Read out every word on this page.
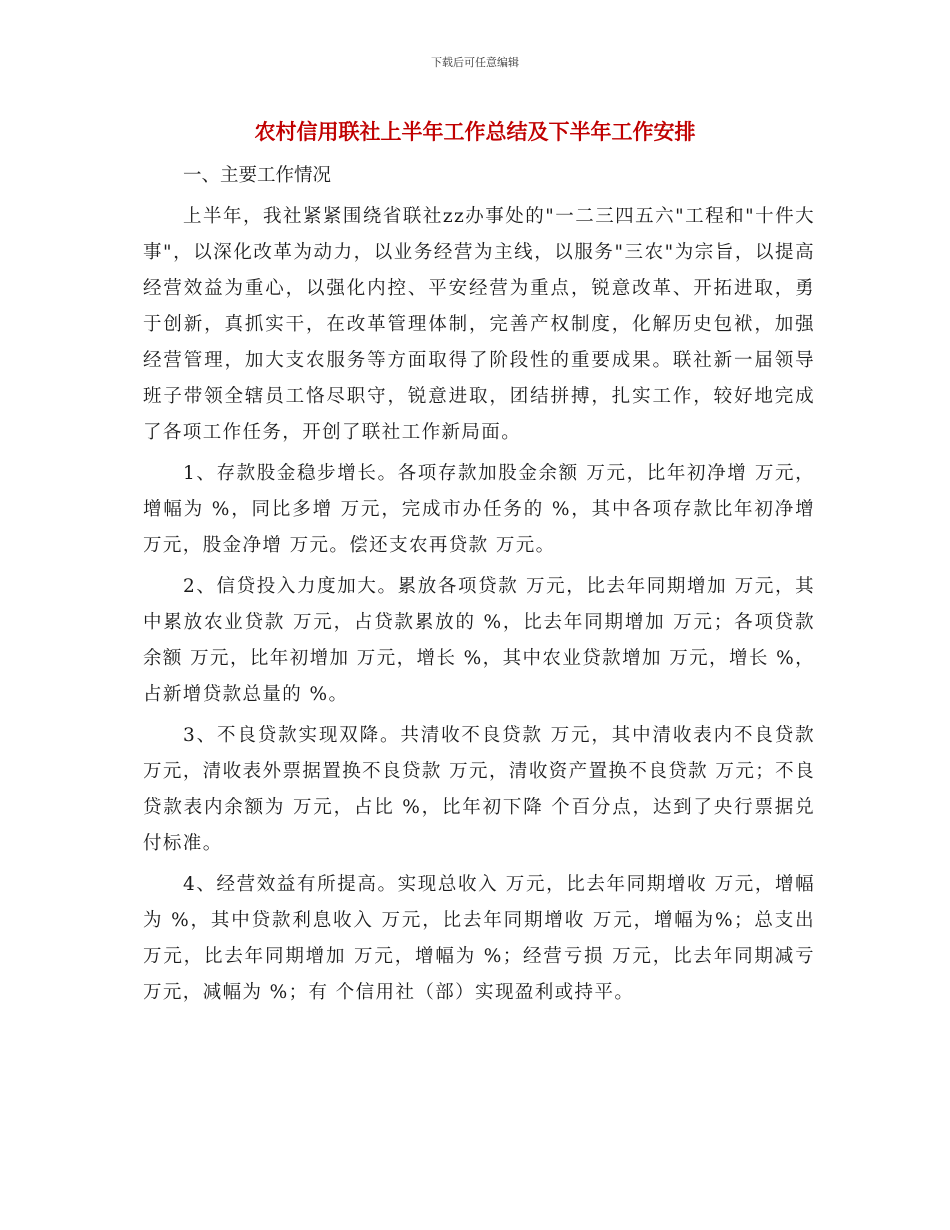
下载后可任意编辑
农村信用联社上半年工作总结及下半年工作安排

一、主要工作情况

上半年，我社紧紧围绕省联社zz办事处的"一二三四五六"工程和"十件大事"，以深化改革为动力，以业务经营为主线，以服务"三农"为宗旨，以提高经营效益为重心，以强化内控、平安经营为重点，锐意改革、开拓进取，勇于创新，真抓实干，在改革管理体制，完善产权制度，化解历史包袱，加强经营管理，加大支农服务等方面取得了阶段性的重要成果。联社新一届领导班子带领全辖员工恪尽职守，锐意进取，团结拼搏，扎实工作，较好地完成了各项工作任务，开创了联社工作新局面。

1、存款股金稳步增长。各项存款加股金余额 万元，比年初净增 万元，增幅为 %，同比多增 万元，完成市办任务的 %，其中各项存款比年初净增 万元，股金净增 万元。偿还支农再贷款 万元。

2、信贷投入力度加大。累放各项贷款 万元，比去年同期增加 万元，其中累放农业贷款 万元，占贷款累放的 %，比去年同期增加 万元；各项贷款余额 万元，比年初增加 万元，增长 %，其中农业贷款增加 万元，增长 %，占新增贷款总量的 %。

3、不良贷款实现双降。共清收不良贷款 万元，其中清收表内不良贷款 万元，清收表外票据置换不良贷款 万元，清收资产置换不良贷款 万元；不良贷款表内余额为 万元，占比 %，比年初下降 个百分点，达到了央行票据兑付标准。

4、经营效益有所提高。实现总收入 万元，比去年同期增收 万元，增幅为 %，其中贷款利息收入 万元，比去年同期增收 万元，增幅为%；总支出 万元，比去年同期增加 万元，增幅为 %；经营亏损 万元，比去年同期减亏 万元，减幅为 %；有 个信用社（部）实现盈利或持平。
